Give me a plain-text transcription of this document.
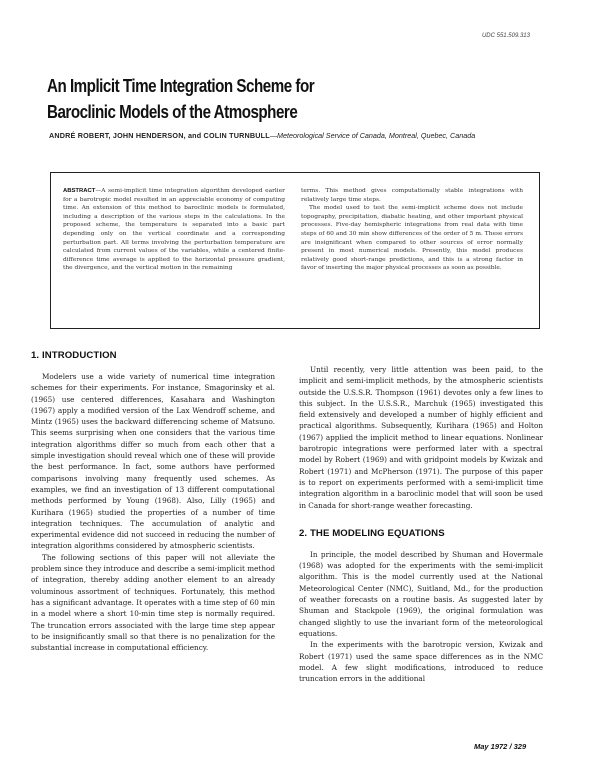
UDC 551.509.313
An Implicit Time Integration Scheme for
Baroclinic Models of the Atmosphere
ANDRÉ ROBERT, JOHN HENDERSON, and COLIN TURNBULL—Meteorological Service of Canada, Montreal, Quebec, Canada

ABSTRACT—A semi-implicit time integration algorithm developed earlier for a barotropic model resulted in an appreciable economy of computing time. An extension of this method to baroclinic models is formulated, including a description of the various steps in the calculations. In the proposed scheme, the temperature is separated into a basic part depending only on the vertical coordinate and a corresponding perturbation part. All terms involving the perturbation temperature are calculated from current values of the variables, while a centered finite-difference time average is applied to the horizontal pressure gradient, the divergence, and the vertical motion in the remaining

terms. This method gives computationally stable integrations with relatively large time steps.

The model used to test the semi-implicit scheme does not include topography, precipitation, diabatic heating, and other important physical processes. Five-day hemispheric integrations from real data with time steps of 60 and 30 min show differences of the order of 5 m. These errors are insignificant when compared to other sources of error normally present in most numerical models. Presently, this model produces relatively good short-range predictions, and this is a strong factor in favor of inserting the major physical processes as soon as possible.

1. INTRODUCTION

Modelers use a wide variety of numerical time integration schemes for their experiments. For instance, Smagorinsky et al. (1965) use centered differences, Kasahara and Washington (1967) apply a modified version of the Lax Wendroff scheme, and Mintz (1965) uses the backward differencing scheme of Matsuno. This seems surprising when one considers that the various time integration algorithms differ so much from each other that a simple investigation should reveal which one of these will provide the best performance. In fact, some authors have performed comparisons involving many frequently used schemes. As examples, we find an investigation of 13 different computational methods performed by Young (1968). Also, Lilly (1965) and Kurihara (1965) studied the properties of a number of time integration techniques. The accumulation of analytic and experimental evidence did not succeed in reducing the number of integration algorithms considered by atmospheric scientists.

The following sections of this paper will not alleviate the problem since they introduce and describe a semi-implicit method of integration, thereby adding another element to an already voluminous assortment of techniques. Fortunately, this method has a significant advantage. It operates with a time step of 60 min in a model where a short 10-min time step is normally required. The truncation errors associated with the large time step appear to be insignificantly small so that there is no penalization for the substantial increase in computational efficiency.

Until recently, very little attention was been paid, to the implicit and semi-implicit methods, by the atmospheric scientists outside the U.S.S.R. Thompson (1961) devotes only a few lines to this subject. In the U.S.S.R., Marchuk (1965) investigated this field extensively and developed a number of highly efficient and practical algorithms. Subsequently, Kurihara (1965) and Holton (1967) applied the implicit method to linear equations. Nonlinear barotropic integrations were performed later with a spectral model by Robert (1969) and with gridpoint models by Kwizak and Robert (1971) and McPherson (1971). The purpose of this paper is to report on experiments performed with a semi-implicit time integration algorithm in a baroclinic model that will soon be used in Canada for short-range weather forecasting.

2. THE MODELING EQUATIONS

In principle, the model described by Shuman and Hovermale (1968) was adopted for the experiments with the semi-implicit algorithm. This is the model currently used at the National Meteorological Center (NMC), Suitland, Md., for the production of weather forecasts on a routine basis. As suggested later by Shuman and Stackpole (1969), the original formulation was changed slightly to use the invariant form of the meteorological equations.

In the experiments with the barotropic version, Kwizak and Robert (1971) used the same space differences as in the NMC model. A few slight modifications, introduced to reduce truncation errors in the additional

May 1972 / 329
